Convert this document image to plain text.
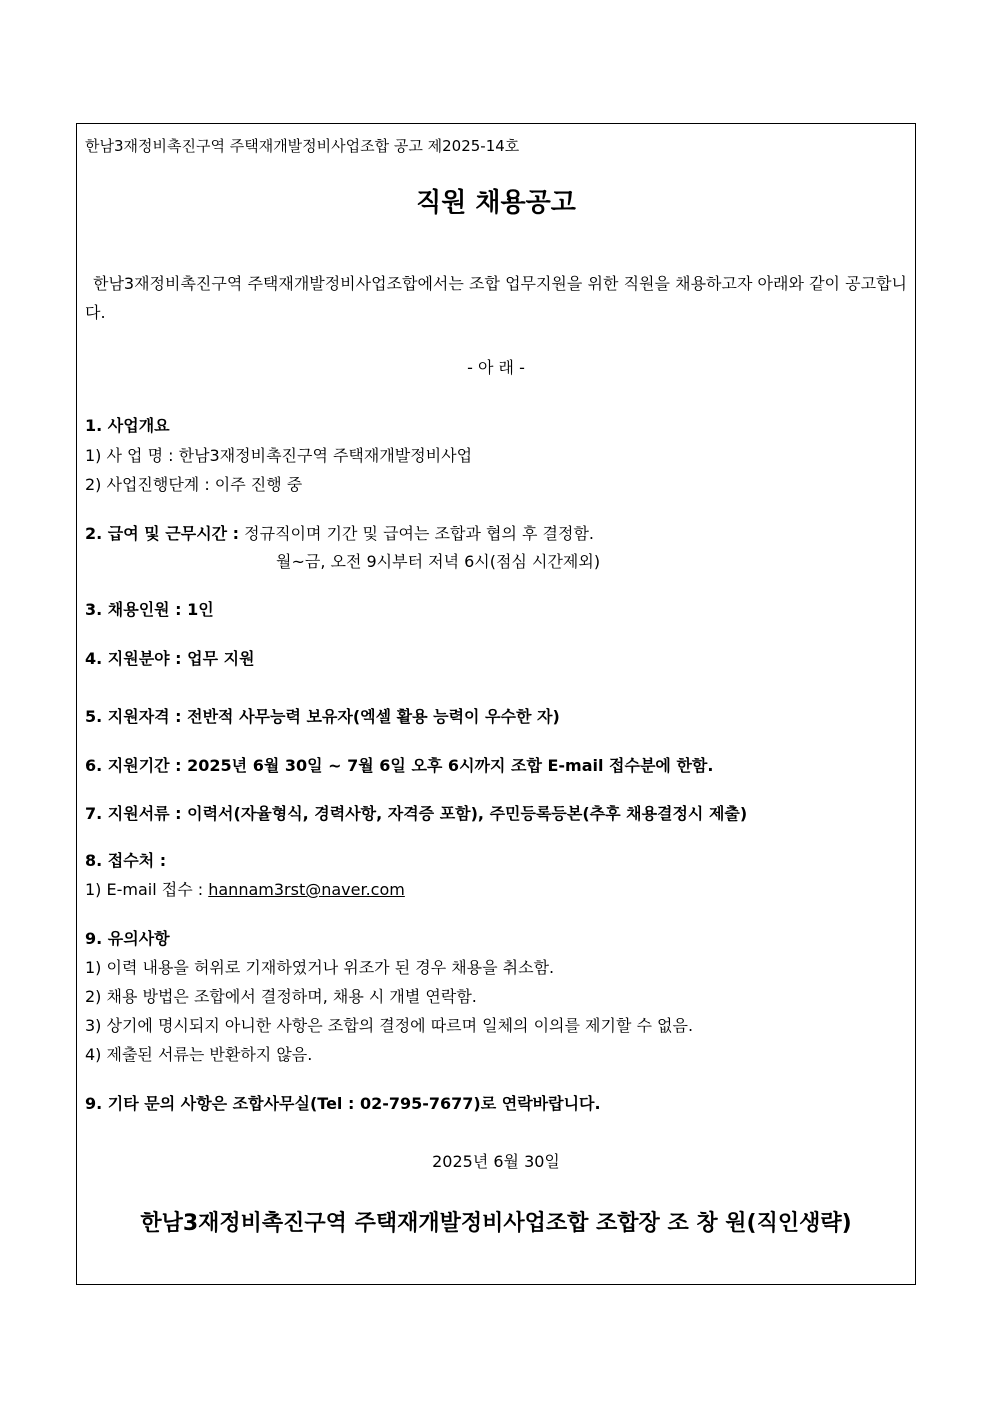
한남3재정비촉진구역 주택재개발정비사업조합 공고 제2025-14호
직원 채용공고
한남3재정비촉진구역 주택재개발정비사업조합에서는 조합 업무지원을 위한 직원을 채용하고자 아래와 같이 공고합니다.
- 아 래 -
1. 사업개요
1) 사 업 명 : 한남3재정비촉진구역 주택재개발정비사업
2) 사업진행단계 : 이주 진행 중
2. 급여 및 근무시간 : 정규직이며 기간 및 급여는 조합과 협의 후 결정함.
월~금, 오전 9시부터 저녁 6시(점심 시간제외)
3. 채용인원 : 1인
4. 지원분야 : 업무 지원
5. 지원자격 : 전반적 사무능력 보유자(엑셀 활용 능력이 우수한 자)
6. 지원기간 : 2025년 6월 30일 ~ 7월 6일 오후 6시까지 조합 E-mail 접수분에 한함.
7. 지원서류 : 이력서(자율형식, 경력사항, 자격증 포함), 주민등록등본(추후 채용결정시 제출)
8. 접수처 :
1) E-mail 접수 : hannam3rst@naver.com
9. 유의사항
1) 이력 내용을 허위로 기재하였거나 위조가 된 경우 채용을 취소함.
2) 채용 방법은 조합에서 결정하며, 채용 시 개별 연락함.
3) 상기에 명시되지 아니한 사항은 조합의 결정에 따르며 일체의 이의를 제기할 수 없음.
4) 제출된 서류는 반환하지 않음.
9. 기타 문의 사항은 조합사무실(Tel : 02-795-7677)로 연락바랍니다.
2025년 6월 30일
한남3재정비촉진구역 주택재개발정비사업조합 조합장 조 창 원(직인생략)
